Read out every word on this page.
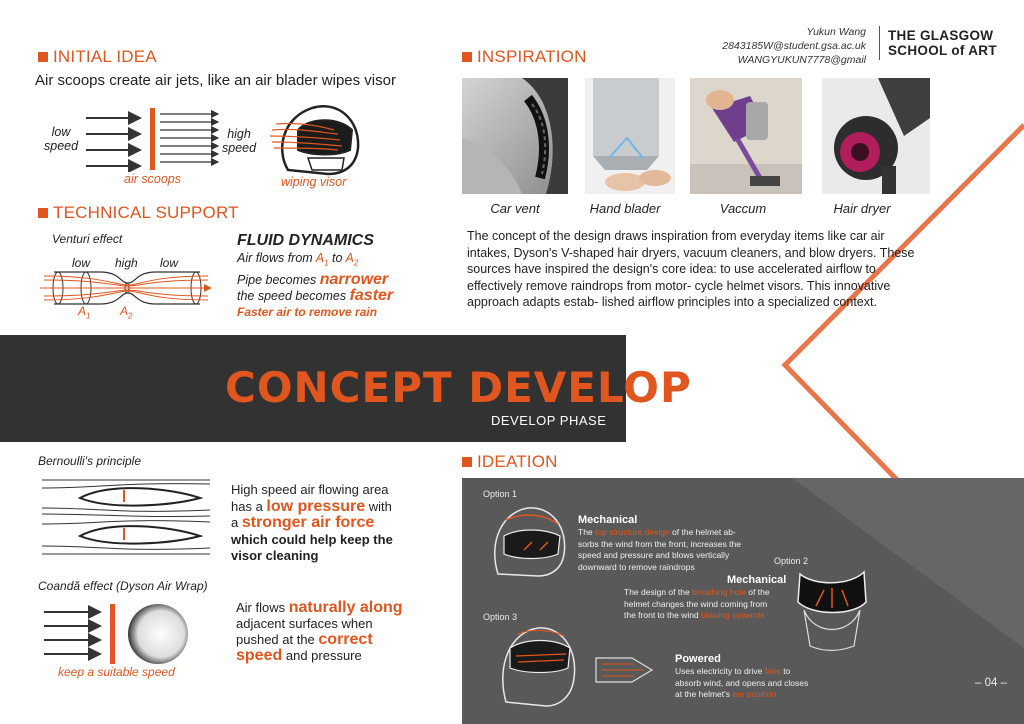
Yukun Wang
2843185W@student.gsa.ac.uk
WANGYUKUN7778@gmail
THE GLASGOW
SCHOOL of ART
INITIAL IDEA
Air scoops create air jets, like an air blader wipes visor
low
speed
high
speed
air scoops	wiping visor
TECHNICAL SUPPORT
Venturi effect
low high low
$A_1$ $A_2$
FLUID DYNAMICS
Air flows from $A_1$ to $A_2$
Pipe becomes narrower
the speed becomes faster
Faster air to remove rain
INSPIRATION
Car vent	Hand blader	Vaccum	Hair dryer
The concept of the design draws inspiration from everyday items like car air intakes, Dyson's V-shaped hair dryers, vacuum cleaners, and blow dryers. These sources have inspired the design's core idea: to use accelerated airflow to effectively remove raindrops from motor- cycle helmet visors. This innovative approach adapts estab- lished airflow principles into a specialized context.
CONCEPT DEVELOP
DEVELOP PHASE
Bernoulli's principle
High speed air flowing area
has a low pressure with
a stronger air force
which could help keep the
visor cleaning
Coandă effect (Dyson Air Wrap)
keep a suitable speed
Air flows naturally along
adjacent surfaces when
pushed at the correct
speed and pressure
IDEATION
Option 1
Mechanical
The top structure design of the helmet ab-
sorbs the wind from the front, increases the
speed and pressure and blows vertically
downward to remove raindrops
Option 2
Mechanical
The design of the breathing hole of the
helmet changes the wind coming from
the front to the wind blowing upwards
Option 3
Powered
Uses electricity to drive fans to
absorb wind, and opens and closes
at the helmet's ear position
– 04 –
